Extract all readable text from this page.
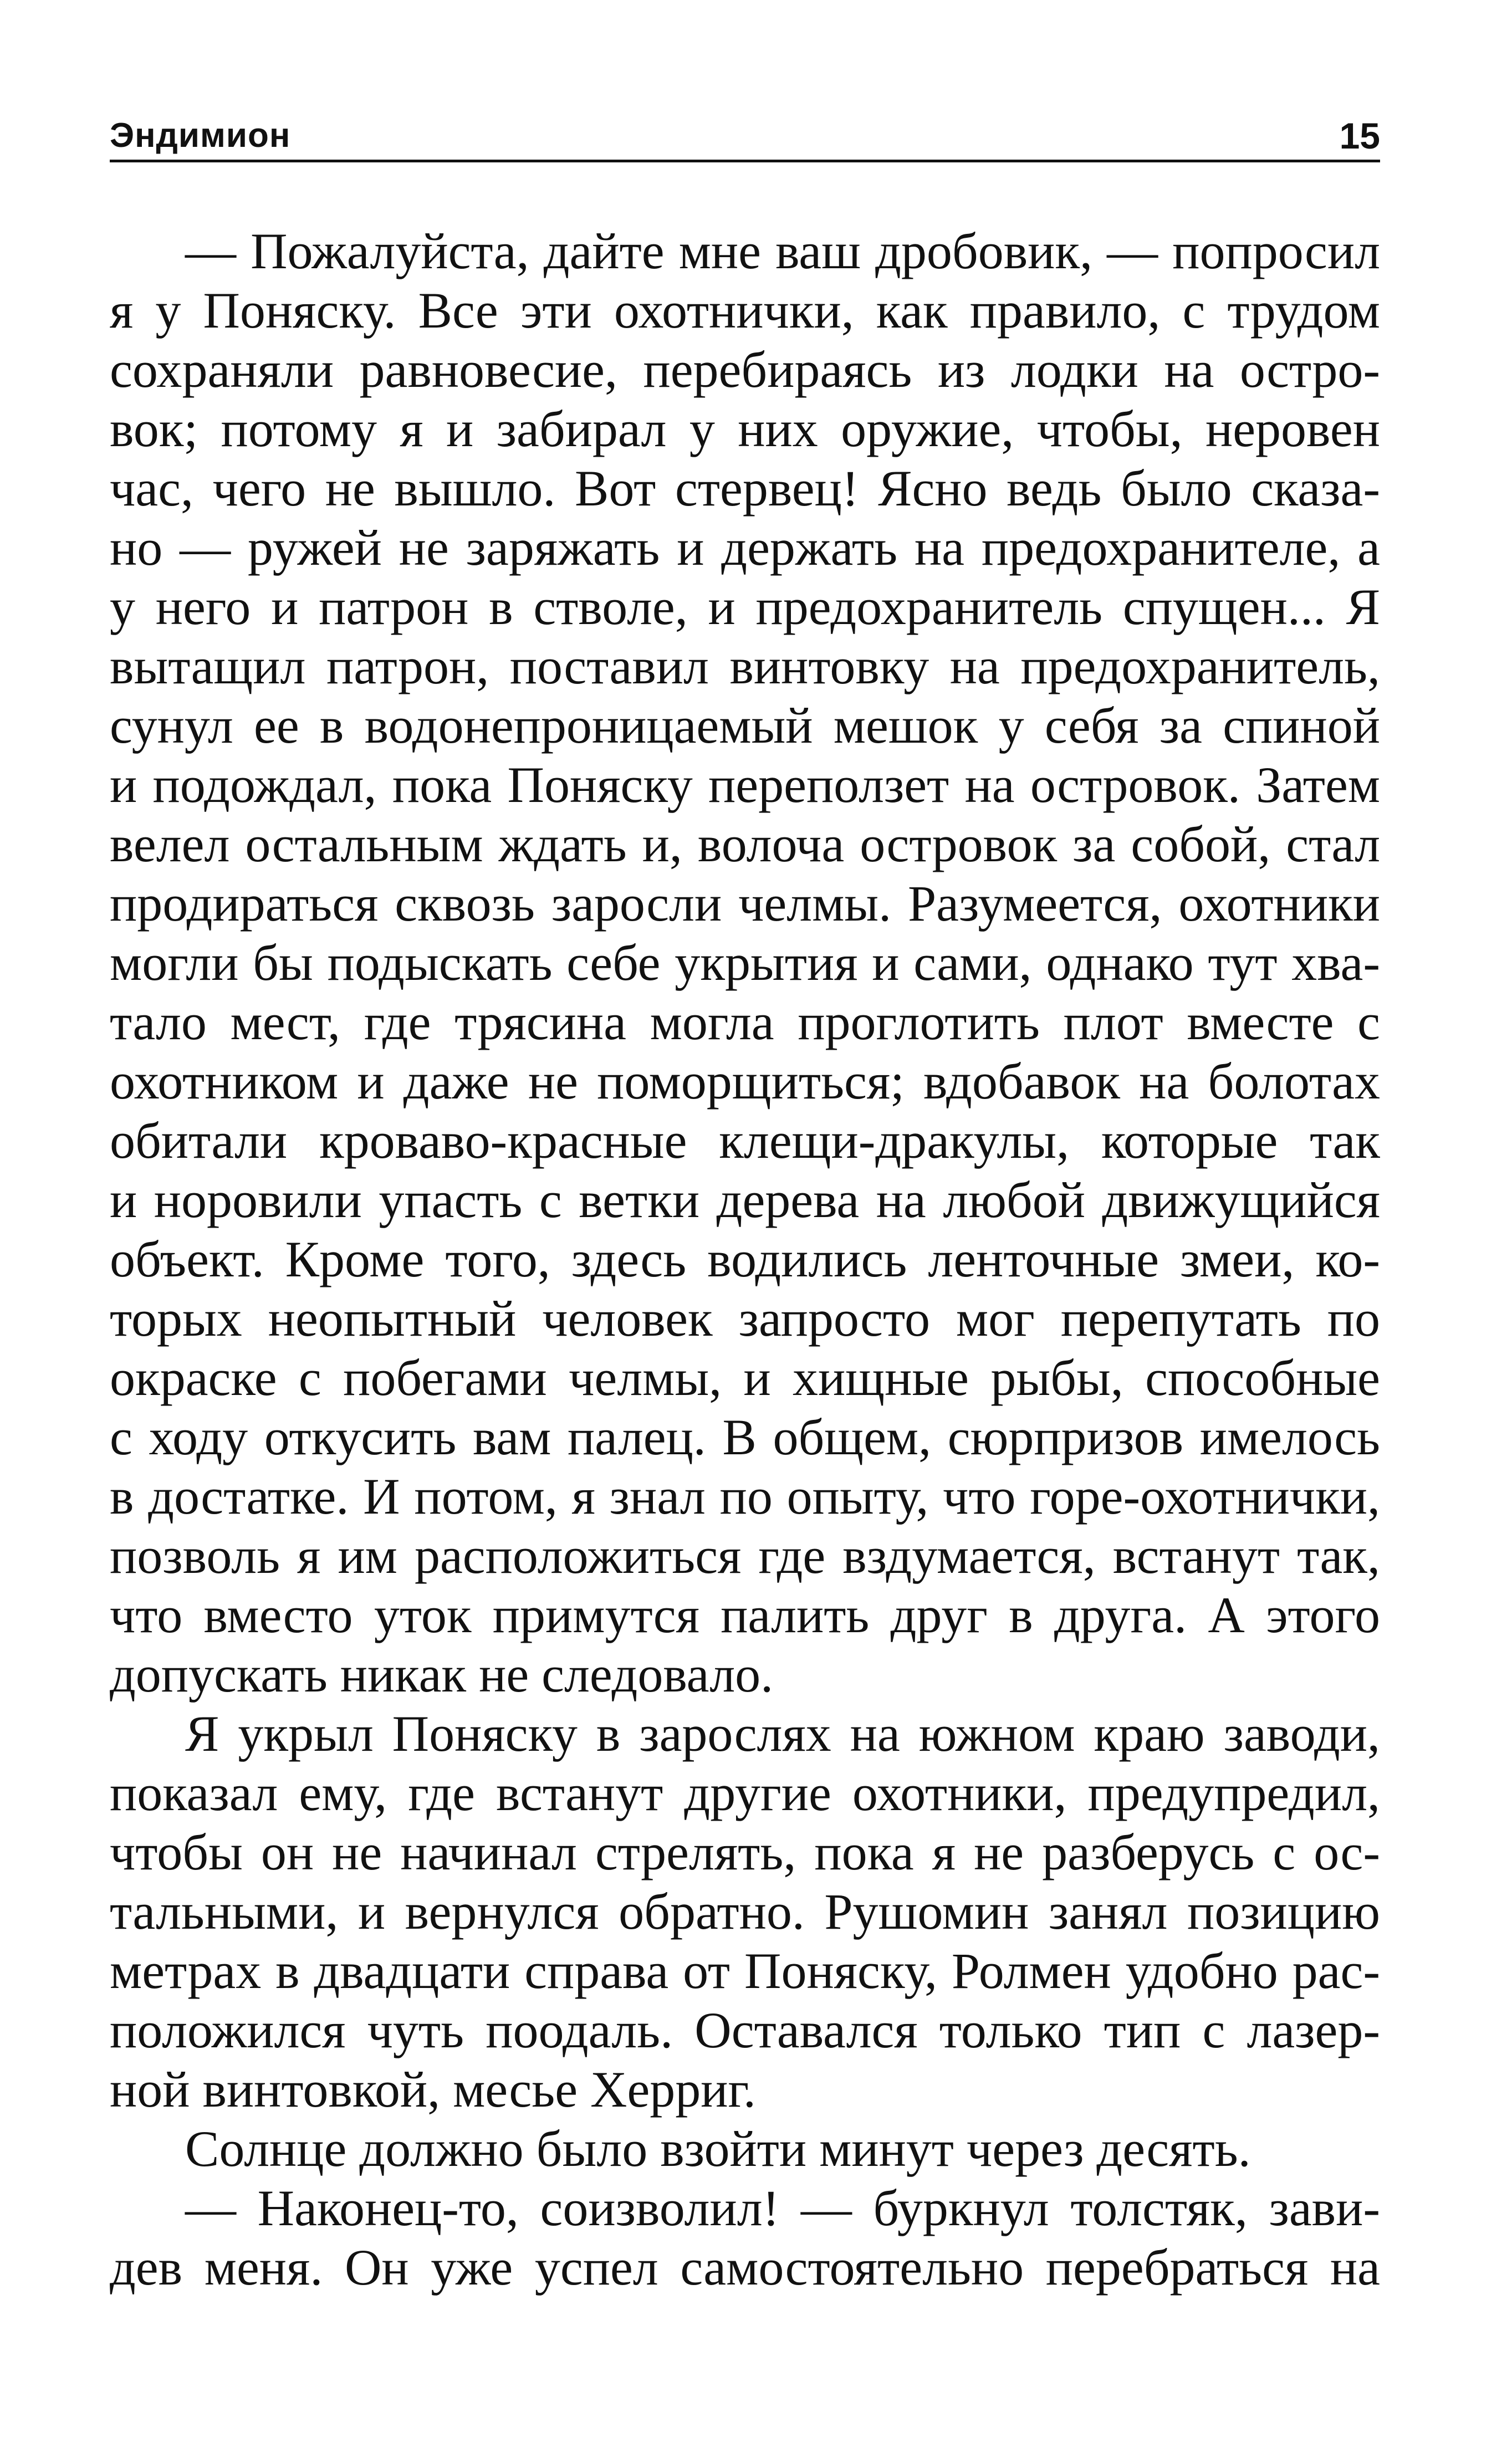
Эндимион	15
— Пожалуйста, дайте мне ваш дробовик, — попросил
я у Поняску. Все эти охотнички, как правило, с трудом
сохраняли равновесие, перебираясь из лодки на остро-
вок; потому я и забирал у них оружие, чтобы, неровен
час, чего не вышло. Вот стервец! Ясно ведь было сказа-
но — ружей не заряжать и держать на предохранителе, а
у него и патрон в стволе, и предохранитель спущен... Я
вытащил патрон, поставил винтовку на предохранитель,
сунул ее в водонепроницаемый мешок у себя за спиной
и подождал, пока Поняску переползет на островок. Затем
велел остальным ждать и, волоча островок за собой, стал
продираться сквозь заросли челмы. Разумеется, охотники
могли бы подыскать себе укрытия и сами, однако тут хва-
тало мест, где трясина могла проглотить плот вместе с
охотником и даже не поморщиться; вдобавок на болотах
обитали кроваво-красные клещи-дракулы, которые так
и норовили упасть с ветки дерева на любой движущийся
объект. Кроме того, здесь водились ленточные змеи, ко-
торых неопытный человек запросто мог перепутать по
окраске с побегами челмы, и хищные рыбы, способные
с ходу откусить вам палец. В общем, сюрпризов имелось
в достатке. И потом, я знал по опыту, что горе-охотнички,
позволь я им расположиться где вздумается, встанут так,
что вместо уток примутся палить друг в друга. А этого
допускать никак не следовало.
Я укрыл Поняску в зарослях на южном краю заводи,
показал ему, где встанут другие охотники, предупредил,
чтобы он не начинал стрелять, пока я не разберусь с ос-
тальными, и вернулся обратно. Рушомин занял позицию
метрах в двадцати справа от Поняску, Ролмен удобно рас-
положился чуть поодаль. Оставался только тип с лазер-
ной винтовкой, месье Херриг.
Солнце должно было взойти минут через десять.
— Наконец-то, соизволил! — буркнул толстяк, зави-
дев меня. Он уже успел самостоятельно перебраться на
